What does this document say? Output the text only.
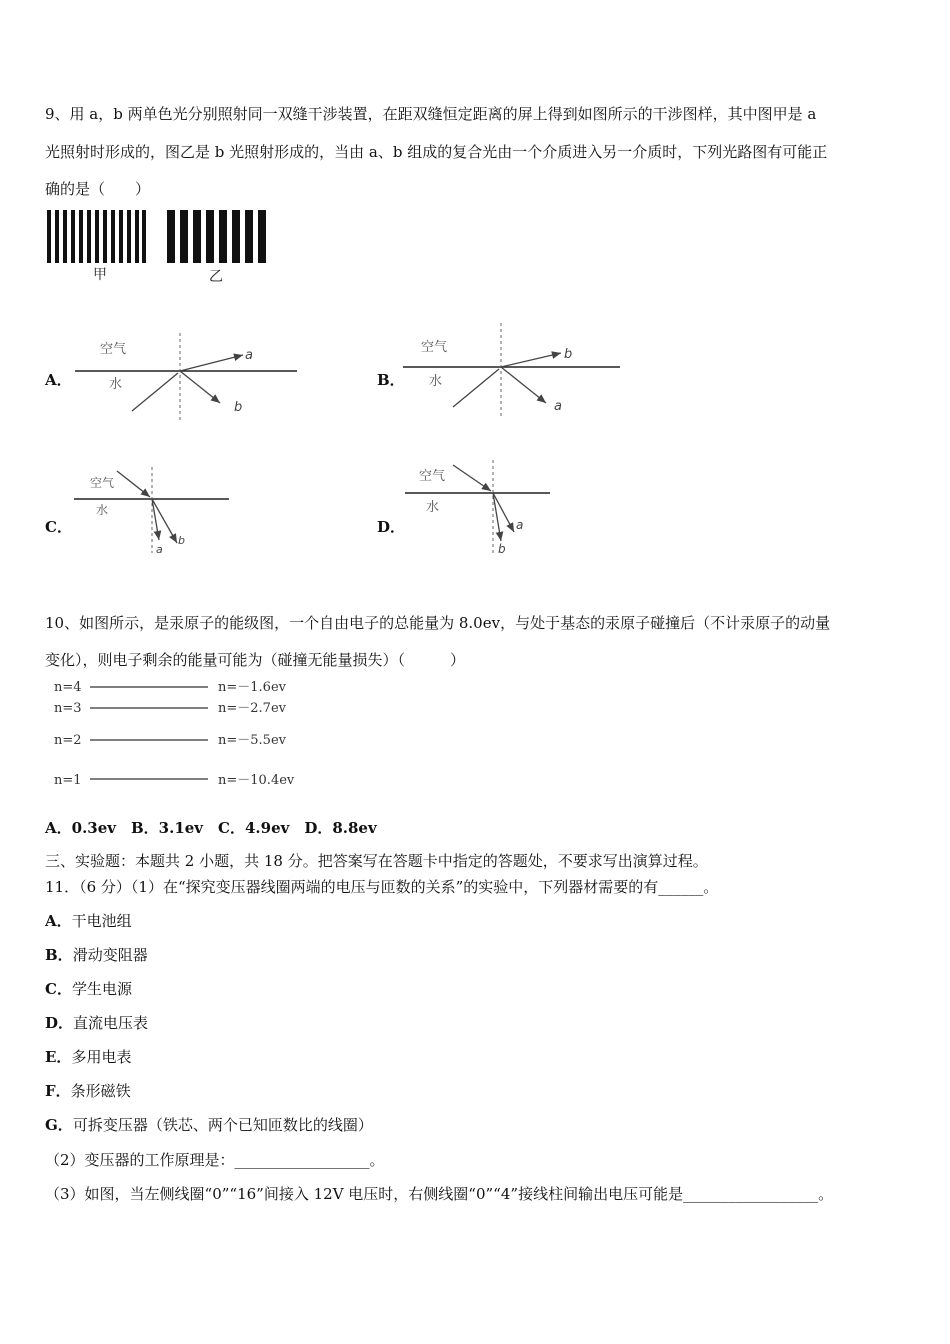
9、用 a，b 两单色光分别照射同一双缝干涉装置，在距双缝恒定距离的屏上得到如图所示的干涉图样，其中图甲是 a
光照射时形成的，图乙是 b 光照射形成的，当由 a、b 组成的复合光由一个介质进入另一介质时，下列光路图有可能正
确的是（　　）
甲	乙
A．
空气
水
a
b
B．
空气
水
b
a
C．
空气
水
a
b
D．
空气
水
b
a
10、如图所示，是汞原子的能级图，一个自由电子的总能量为 8.0ev，与处于基态的汞原子碰撞后（不计汞原子的动量
变化），则电子剩余的能量可能为（碰撞无能量损失）（　　　）
n=4	n=－1.6ev
n=3	n=－2.7ev
n=2	n=－5.5ev
n=1	n=－10.4ev
A．0.3ev　B．3.1ev　C．4.9ev　D．8.8ev
三、实验题：本题共 2 小题，共 18 分。把答案写在答题卡中指定的答题处，不要求写出演算过程。
11．（6 分）（1）在“探究变压器线圈两端的电压与匝数的关系”的实验中，下列器材需要的有______。
A．干电池组
B．滑动变阻器
C．学生电源
D．直流电压表
E．多用电表
F．条形磁铁
G．可拆变压器（铁芯、两个已知匝数比的线圈）
（2）变压器的工作原理是：__________________。
（3）如图，当左侧线圈“0”“16”间接入 12V 电压时，右侧线圈“0”“4”接线柱间输出电压可能是__________________。
